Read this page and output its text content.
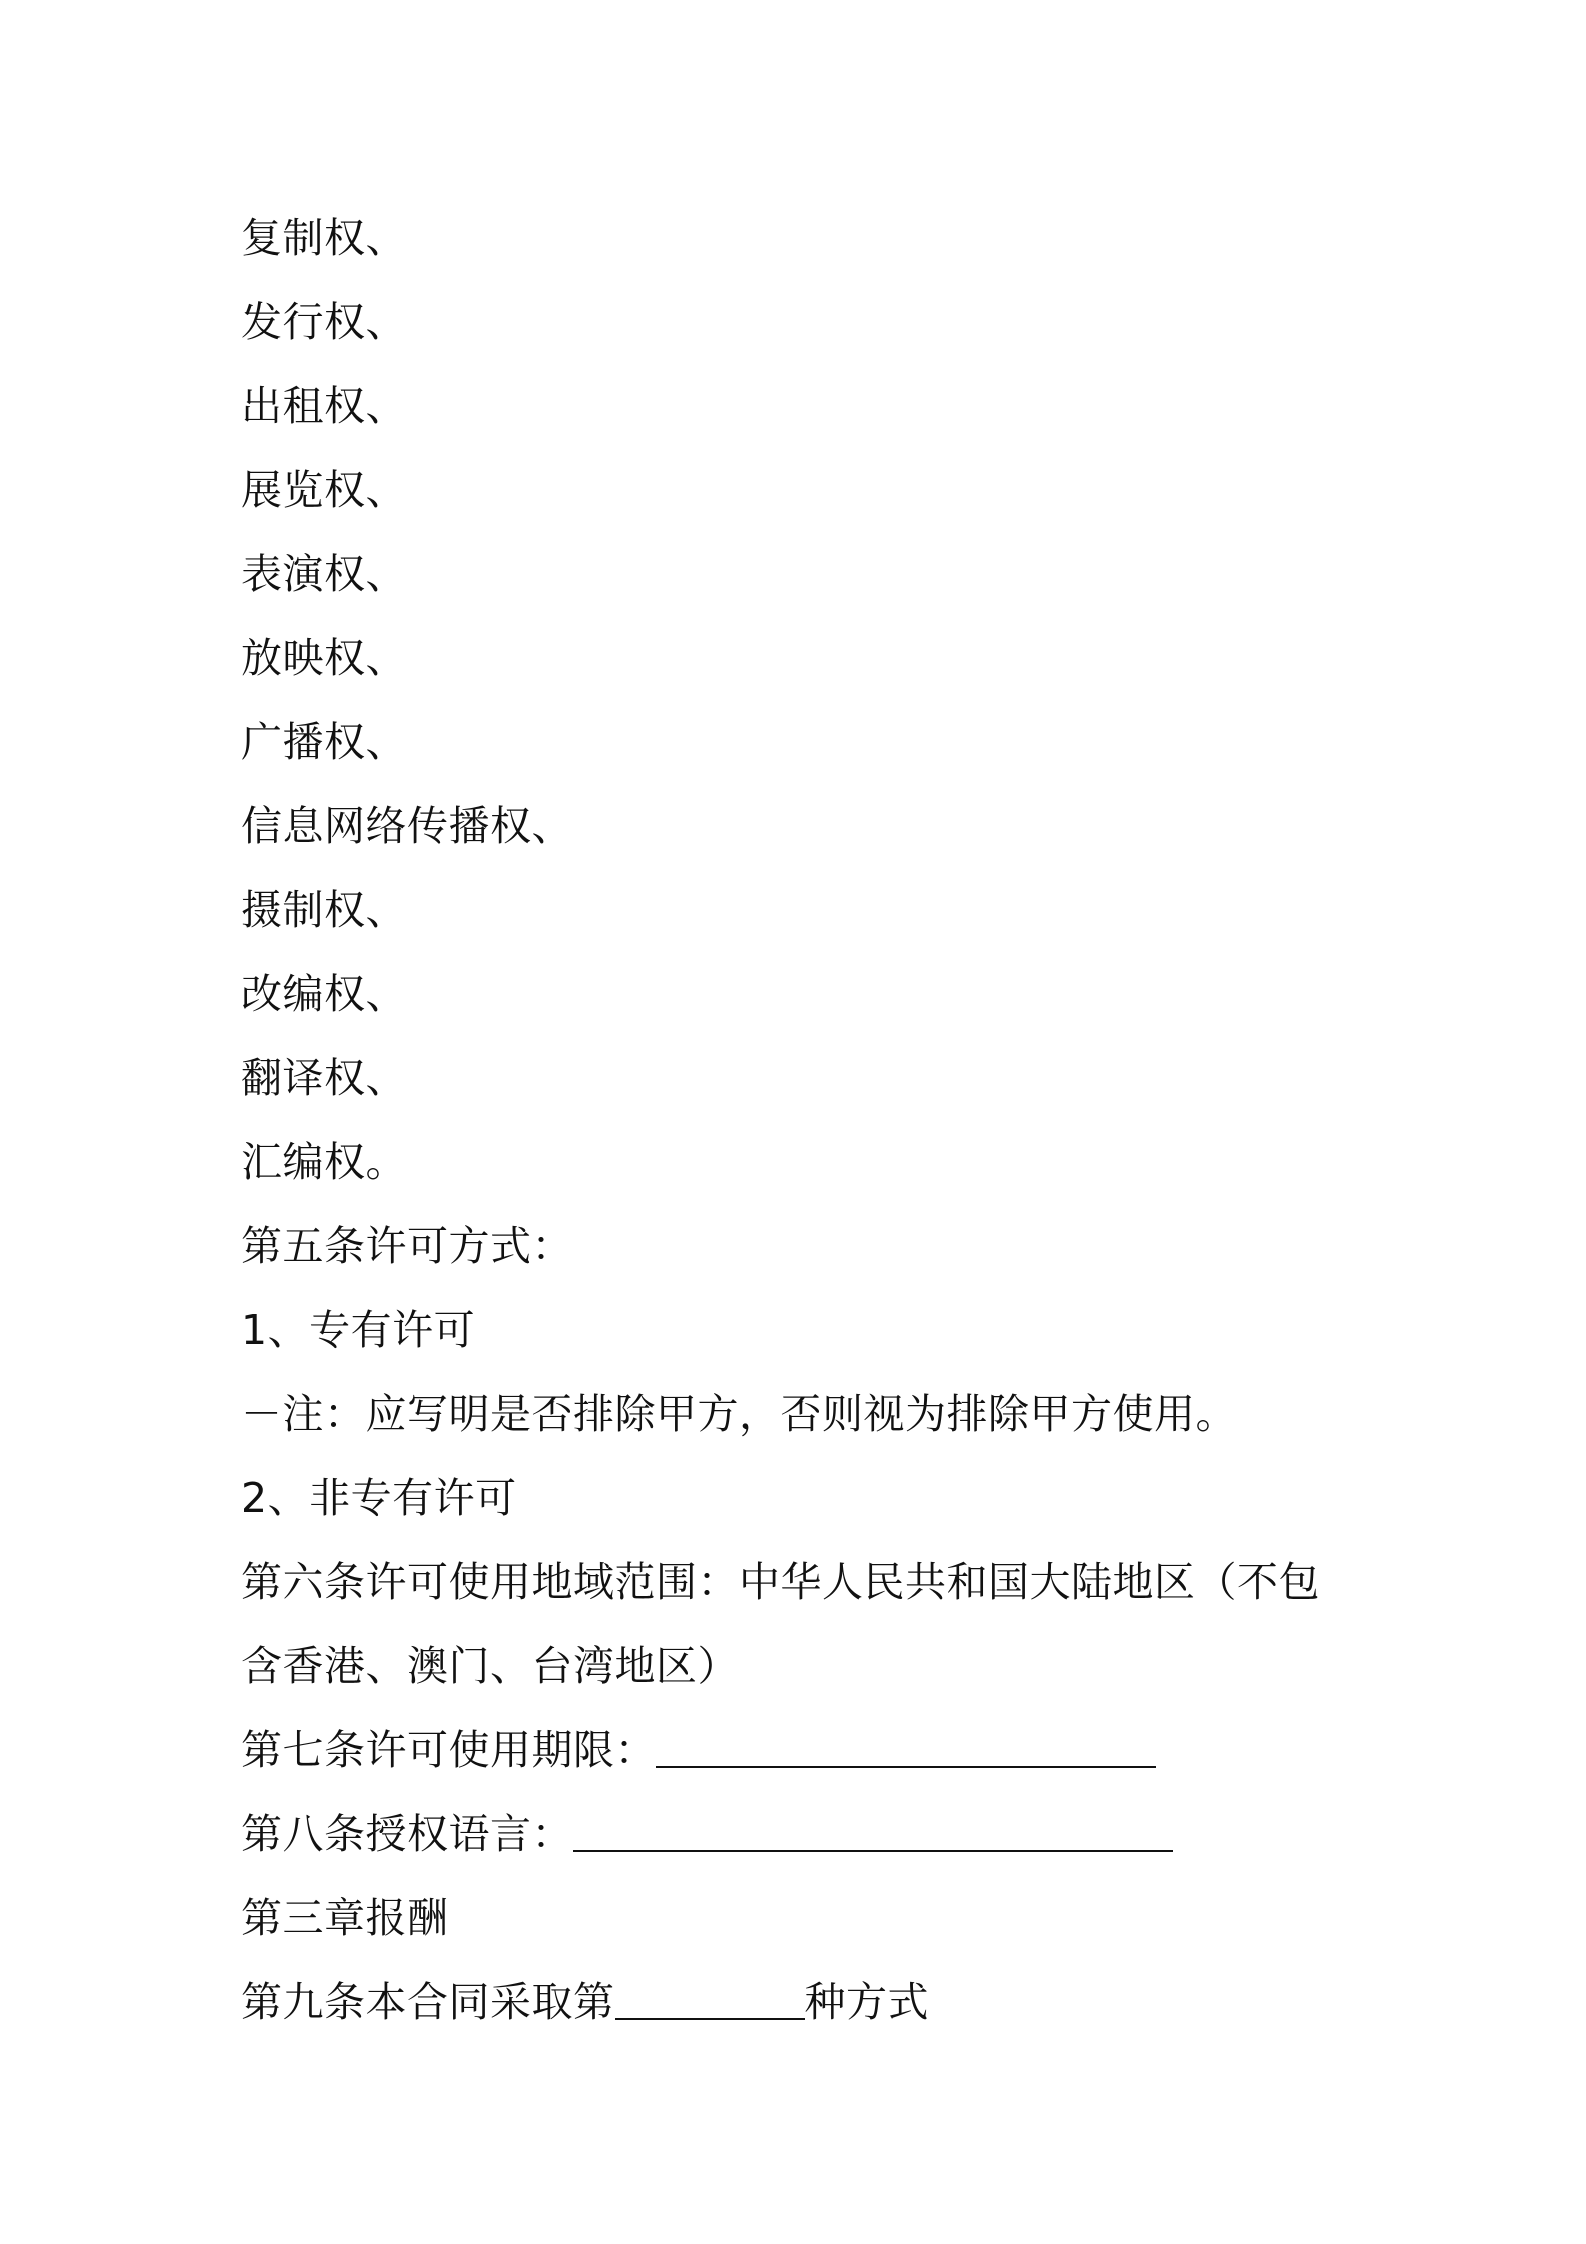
复制权、
发行权、
出租权、
展览权、
表演权、
放映权、
广播权、
信息网络传播权、
摄制权、
改编权、
翻译权、
汇编权。
第五条许可方式：
1、专有许可
－注：应写明是否排除甲方，否则视为排除甲方使用。
2、非专有许可
第六条许可使用地域范围：中华人民共和国大陆地区（不包
含香港、澳门、台湾地区）
第七条许可使用期限：
第八条授权语言：
第三章报酬
第九条本合同采取第	种方式
